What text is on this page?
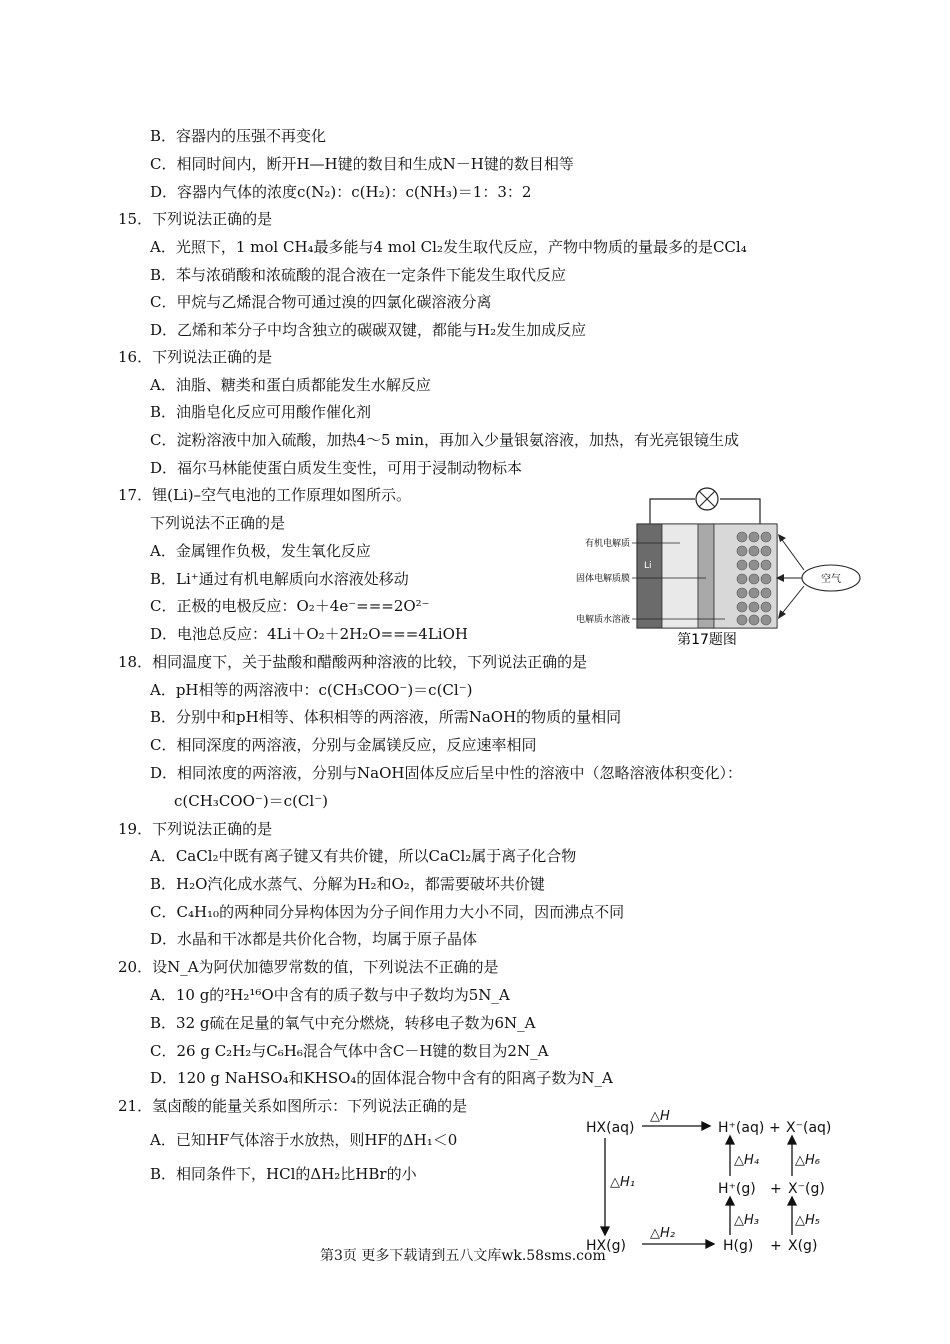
B．容器内的压强不再变化
C．相同时间内，断开H—H键的数目和生成N－H键的数目相等
D．容器内气体的浓度c(N₂)：c(H₂)：c(NH₃)＝1：3：2
15．下列说法正确的是
A．光照下，1 mol CH₄最多能与4 mol Cl₂发生取代反应，产物中物质的量最多的是CCl₄
B．苯与浓硝酸和浓硫酸的混合液在一定条件下能发生取代反应
C．甲烷与乙烯混合物可通过溴的四氯化碳溶液分离
D．乙烯和苯分子中均含独立的碳碳双键，都能与H₂发生加成反应
16．下列说法正确的是
A．油脂、糖类和蛋白质都能发生水解反应
B．油脂皂化反应可用酸作催化剂
C．淀粉溶液中加入硫酸，加热4～5 min，再加入少量银氨溶液，加热，有光亮银镜生成
D．福尔马林能使蛋白质发生变性，可用于浸制动物标本
17．锂(Li)–空气电池的工作原理如图所示。
下列说法不正确的是
A．金属锂作负极，发生氧化反应
B．Li⁺通过有机电解质向水溶液处移动
C．正极的电极反应：O₂＋4e⁻===2O²⁻
D．电池总反应：4Li＋O₂＋2H₂O===4LiOH
18．相同温度下，关于盐酸和醋酸两种溶液的比较，下列说法正确的是
A．pH相等的两溶液中：c(CH₃COO⁻)＝c(Cl⁻)
B．分别中和pH相等、体积相等的两溶液，所需NaOH的物质的量相同
C．相同深度的两溶液，分别与金属镁反应，反应速率相同
D．相同浓度的两溶液，分别与NaOH固体反应后呈中性的溶液中（忽略溶液体积变化）：
c(CH₃COO⁻)＝c(Cl⁻)
19．下列说法正确的是
A．CaCl₂中既有离子键又有共价键，所以CaCl₂属于离子化合物
B．H₂O汽化成水蒸气、分解为H₂和O₂，都需要破坏共价键
C．C₄H₁₀的两种同分异构体因为分子间作用力大小不同，因而沸点不同
D．水晶和干冰都是共价化合物，均属于原子晶体
20．设N_A为阿伏加德罗常数的值，下列说法不正确的是
A．10 g的²H₂¹⁶O中含有的质子数与中子数均为5N_A
B．32 g硫在足量的氧气中充分燃烧，转移电子数为6N_A
C．26 g C₂H₂与C₆H₆混合气体中含C－H键的数目为2N_A
D．120 g NaHSO₄和KHSO₄的固体混合物中含有的阳离子数为N_A
21．氢卤酸的能量关系如图所示：下列说法正确的是
A．已知HF气体溶于水放热，则HF的ΔH₁＜0
B．相同条件下，HCl的ΔH₂比HBr的小
有机电解质
固体电解质膜
电解质水溶液
Li
空气
第17题图
HX(aq)	H⁺(aq) + X⁻(aq)
H⁺(g) + X⁻(g)
HX(g)	H(g) + X(g)
△H
△H₄	△H₆
△H₁
△H₃	△H₅
△H₂
第3页 更多下载请到五八文库wk.58sms.com
